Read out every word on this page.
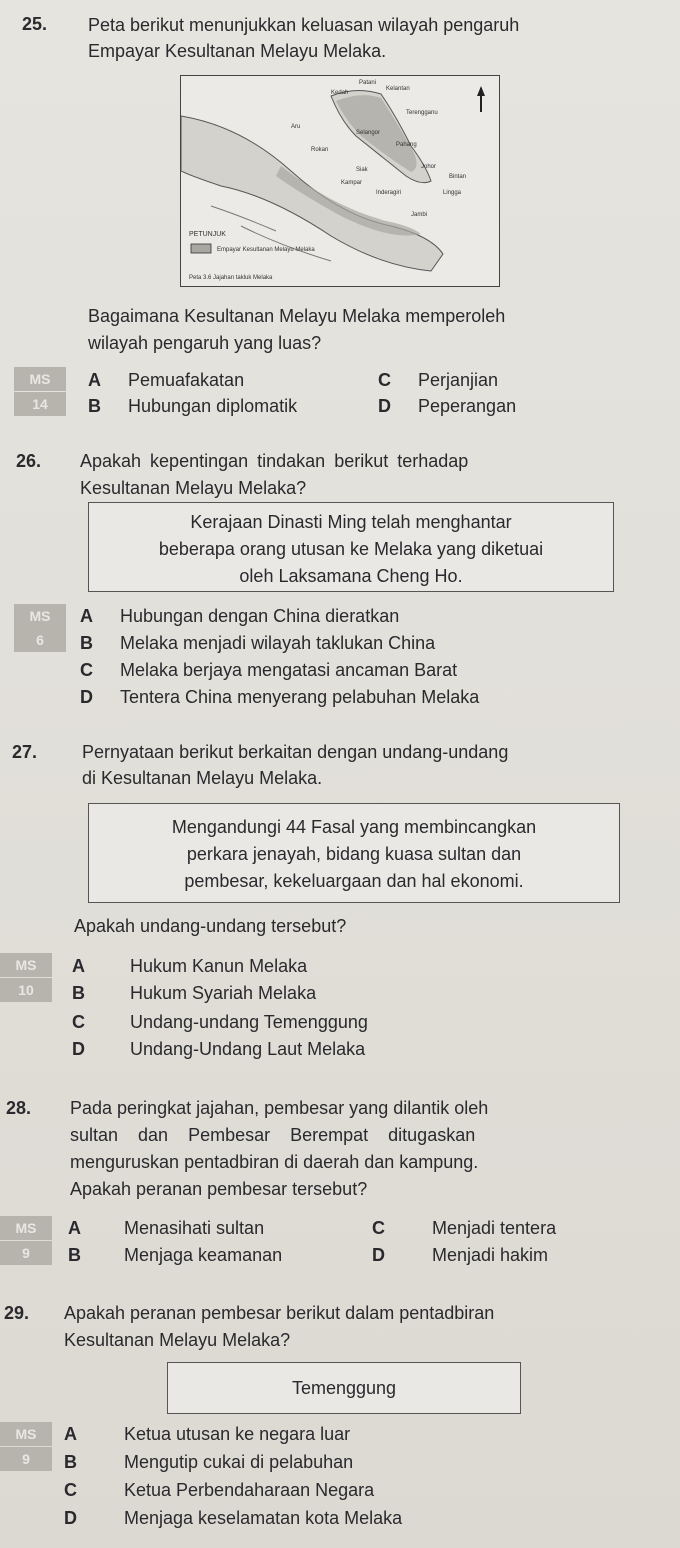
25. Peta berikut menunjukkan keluasan wilayah pengaruh
Empayar Kesultanan Melayu Melaka.
PETUNJUK
Empayar Kesultanan Melayu Melaka
Peta 3.6 Jajahan takluk Melaka
Kedah
Kelantan
Terengganu
Patani
Pahang
Aru
Selangor
Johor
Rokan
Siak
Kampar
Inderagiri
Jambi
Lingga
Bintan
Bagaimana Kesultanan Melayu Melaka memperoleh
wilayah pengaruh yang luas?
MS
14
A Pemuafakatan
B Hubungan diplomatik
C Perjanjian
D Peperangan
26. Apakah kepentingan tindakan berikut terhadap
Kesultanan Melayu Melaka?
Kerajaan Dinasti Ming telah menghantar
beberapa orang utusan ke Melaka yang diketuai
oleh Laksamana Cheng Ho.
MS
6
A Hubungan dengan China dieratkan
B Melaka menjadi wilayah taklukan China
C Melaka berjaya mengatasi ancaman Barat
D Tentera China menyerang pelabuhan Melaka
27. Pernyataan berikut berkaitan dengan undang-undang
di Kesultanan Melayu Melaka.
Mengandungi 44 Fasal yang membincangkan
perkara jenayah, bidang kuasa sultan dan
pembesar, kekeluargaan dan hal ekonomi.
Apakah undang-undang tersebut?
MS
10
A	Hukum Kanun Melaka
B	Hukum Syariah Melaka
C	Undang-undang Temenggung
D	Undang-Undang Laut Melaka
28. Pada peringkat jajahan, pembesar yang dilantik oleh
sultan    dan    Pembesar    Berempat    ditugaskan
menguruskan pentadbiran di daerah dan kampung.
Apakah peranan pembesar tersebut?
MS
9
A Menasihati sultan
B Menjaga keamanan
C	Menjadi tentera
D	Menjadi hakim
29. Apakah peranan pembesar berikut dalam pentadbiran
Kesultanan Melayu Melaka?
Temenggung
MS
9
A	Ketua utusan ke negara luar
B	Mengutip cukai di pelabuhan
C	Ketua Perbendaharaan Negara
D	Menjaga keselamatan kota Melaka
